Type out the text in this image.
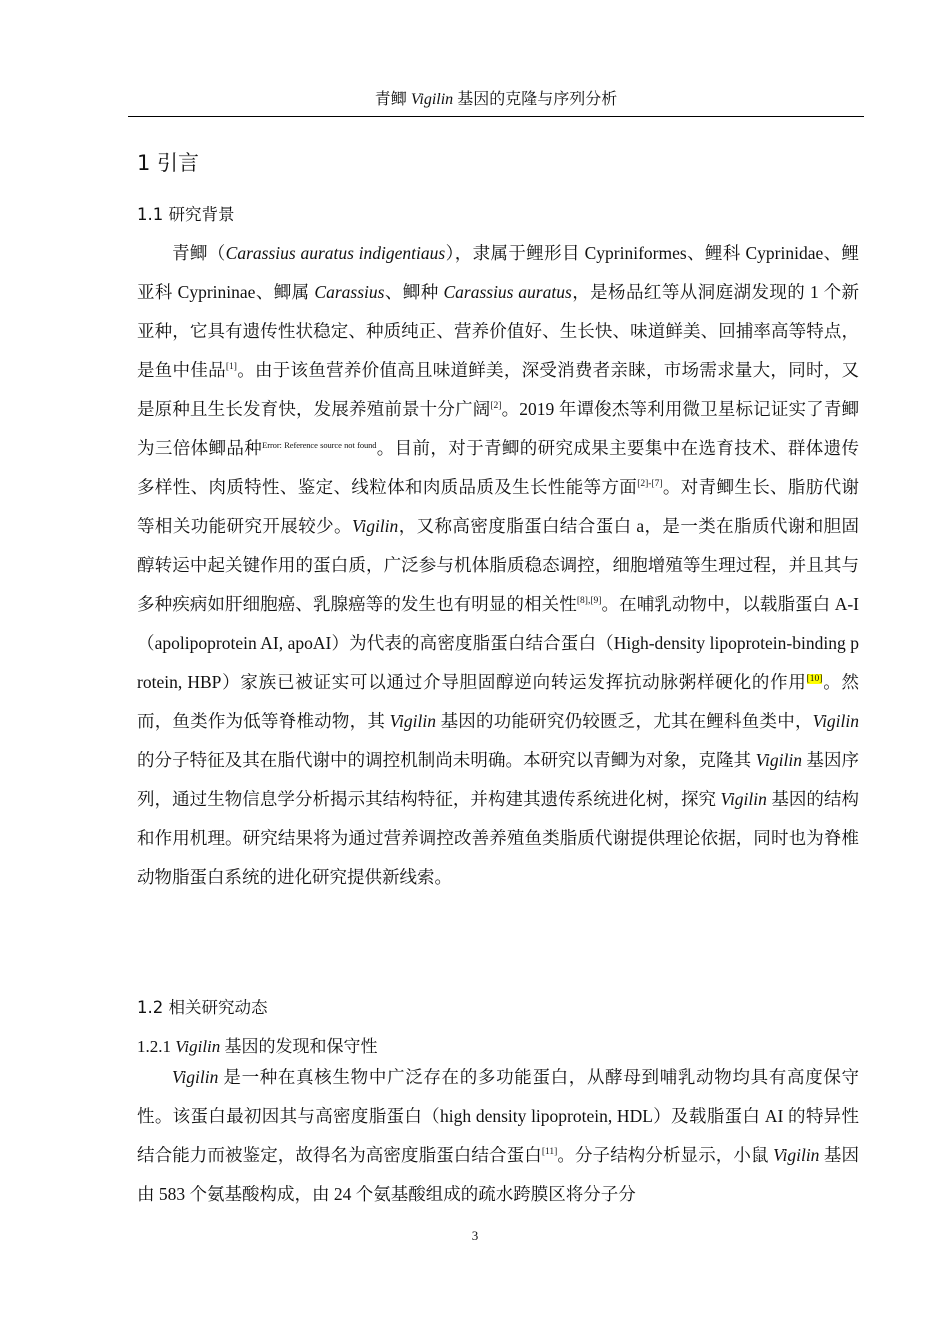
青鲫 Vigilin 基因的克隆与序列分析
1 引言
1.1 研究背景
青鲫（Carassius auratus indigentiaus），隶属于鲤形目 Cypriniformes、鲤科 Cyprinidae、鲤亚科 Cyprininae、鲫属 Carassius、鲫种 Carassius auratus，是杨品红等从洞庭湖发现的 1 个新亚种，它具有遗传性状稳定、种质纯正、营养价值好、生长快、味道鲜美、回捕率高等特点，是鱼中佳品[1]。由于该鱼营养价值高且味道鲜美，深受消费者亲睐，市场需求量大，同时，又是原种且生长发育快，发展养殖前景十分广阔[2]。2019 年谭俊杰等利用微卫星标记证实了青鲫为三倍体鲫品种$^{Error: Reference source not found}$。目前，对于青鲫的研究成果主要集中在选育技术、群体遗传多样性、肉质特性、鉴定、线粒体和肉质品质及生长性能等方面[2]-[7]。对青鲫生长、脂肪代谢等相关功能研究开展较少。Vigilin，又称高密度脂蛋白结合蛋白 a，是一类在脂质代谢和胆固醇转运中起关键作用的蛋白质，广泛参与机体脂质稳态调控，细胞增殖等生理过程，并且其与多种疾病如肝细胞癌、乳腺癌等的发生也有明显的相关性[8],[9]。在哺乳动物中，以载脂蛋白 A-I（apolipoprotein AI, apoAI）为代表的高密度脂蛋白结合蛋白（High-density lipoprotein-binding protein, HBP）家族已被证实可以通过介导胆固醇逆向转运发挥抗动脉粥样硬化的作用[10]。然而，鱼类作为低等脊椎动物，其 Vigilin 基因的功能研究仍较匮乏，尤其在鲤科鱼类中，Vigilin 的分子特征及其在脂代谢中的调控机制尚未明确。本研究以青鲫为对象，克隆其 Vigilin 基因序列，通过生物信息学分析揭示其结构特征，并构建其遗传系统进化树，探究 Vigilin 基因的结构和作用机理。研究结果将为通过营养调控改善养殖鱼类脂质代谢提供理论依据，同时也为脊椎动物脂蛋白系统的进化研究提供新线索。
1.2 相关研究动态
1.2.1 Vigilin 基因的发现和保守性
Vigilin 是一种在真核生物中广泛存在的多功能蛋白，从酵母到哺乳动物均具有高度保守性。该蛋白最初因其与高密度脂蛋白（high density lipoprotein, HDL）及载脂蛋白 AI 的特异性结合能力而被鉴定，故得名为高密度脂蛋白结合蛋白[11]。分子结构分析显示，小鼠 Vigilin 基因由 583 个氨基酸构成，由 24 个氨基酸组成的疏水跨膜区将分子分
3
